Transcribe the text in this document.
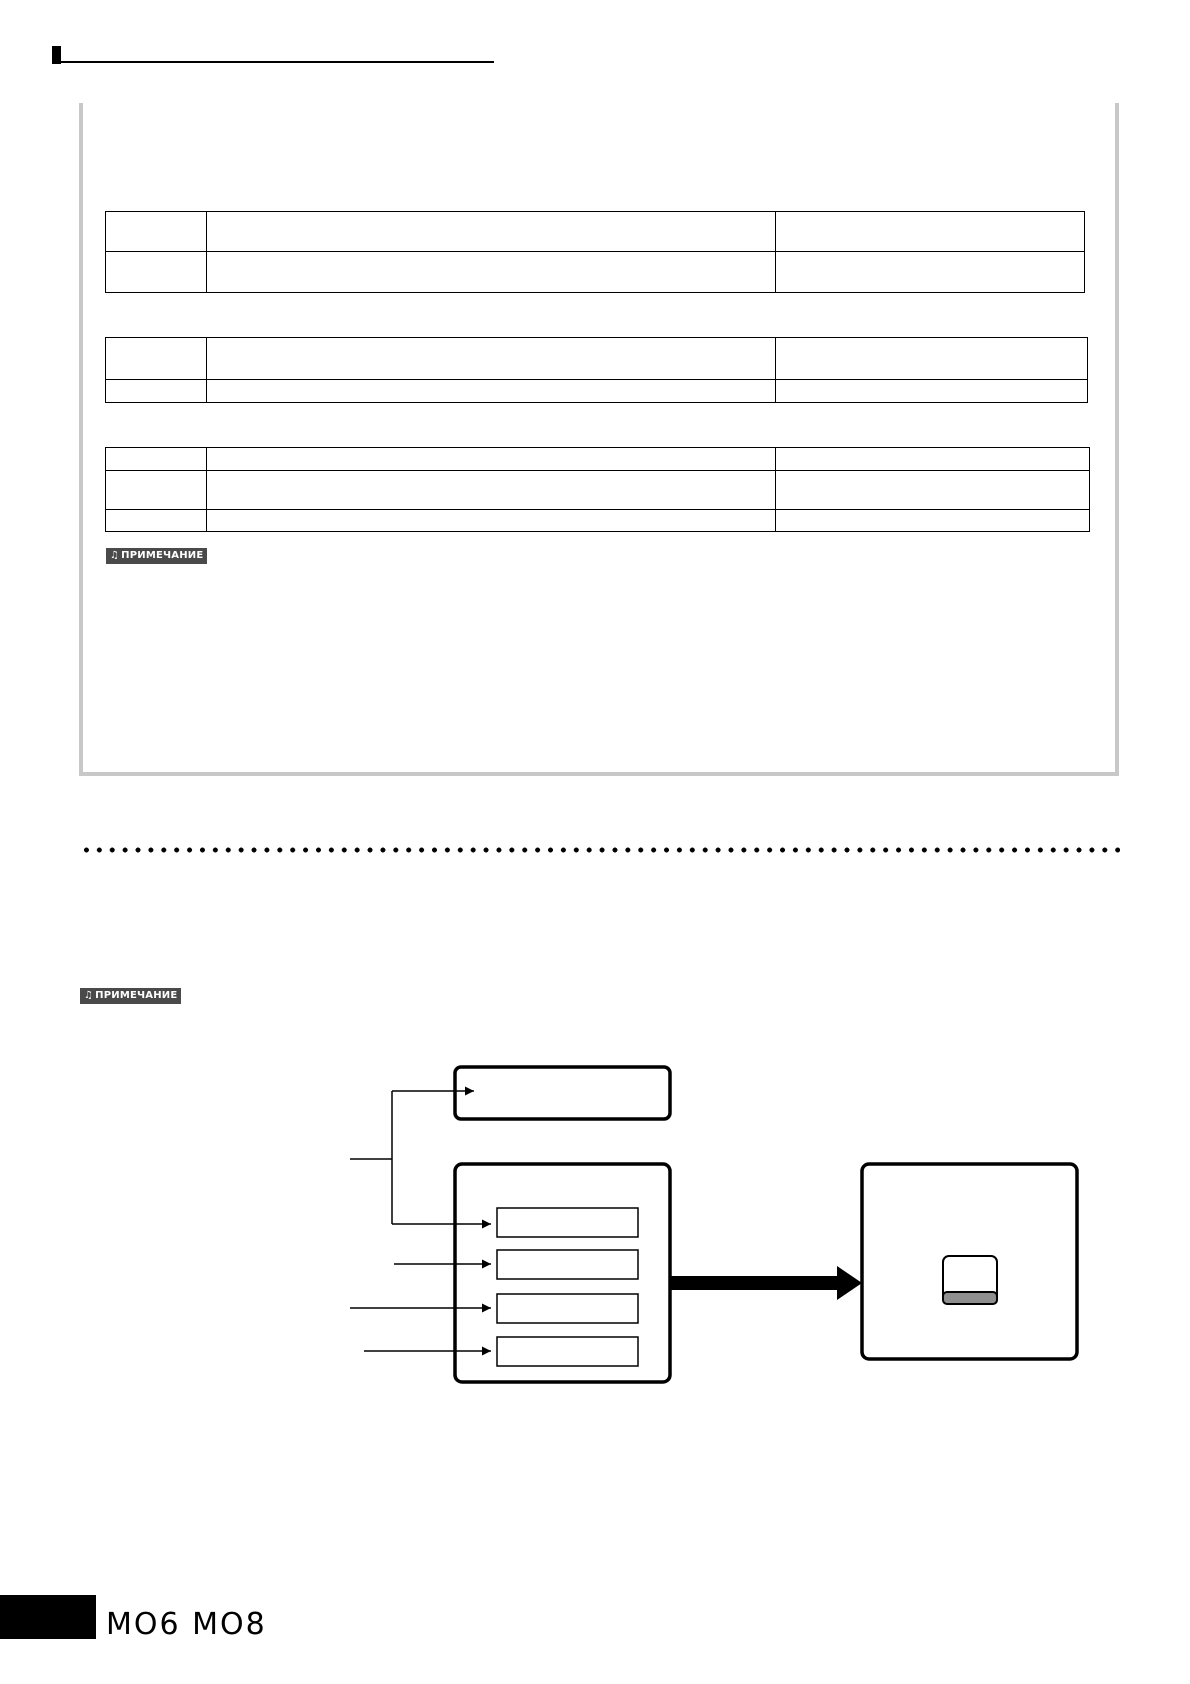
♫ ПРИМЕЧАНИЕ
♫ ПРИМЕЧАНИЕ
MO6 MO8
